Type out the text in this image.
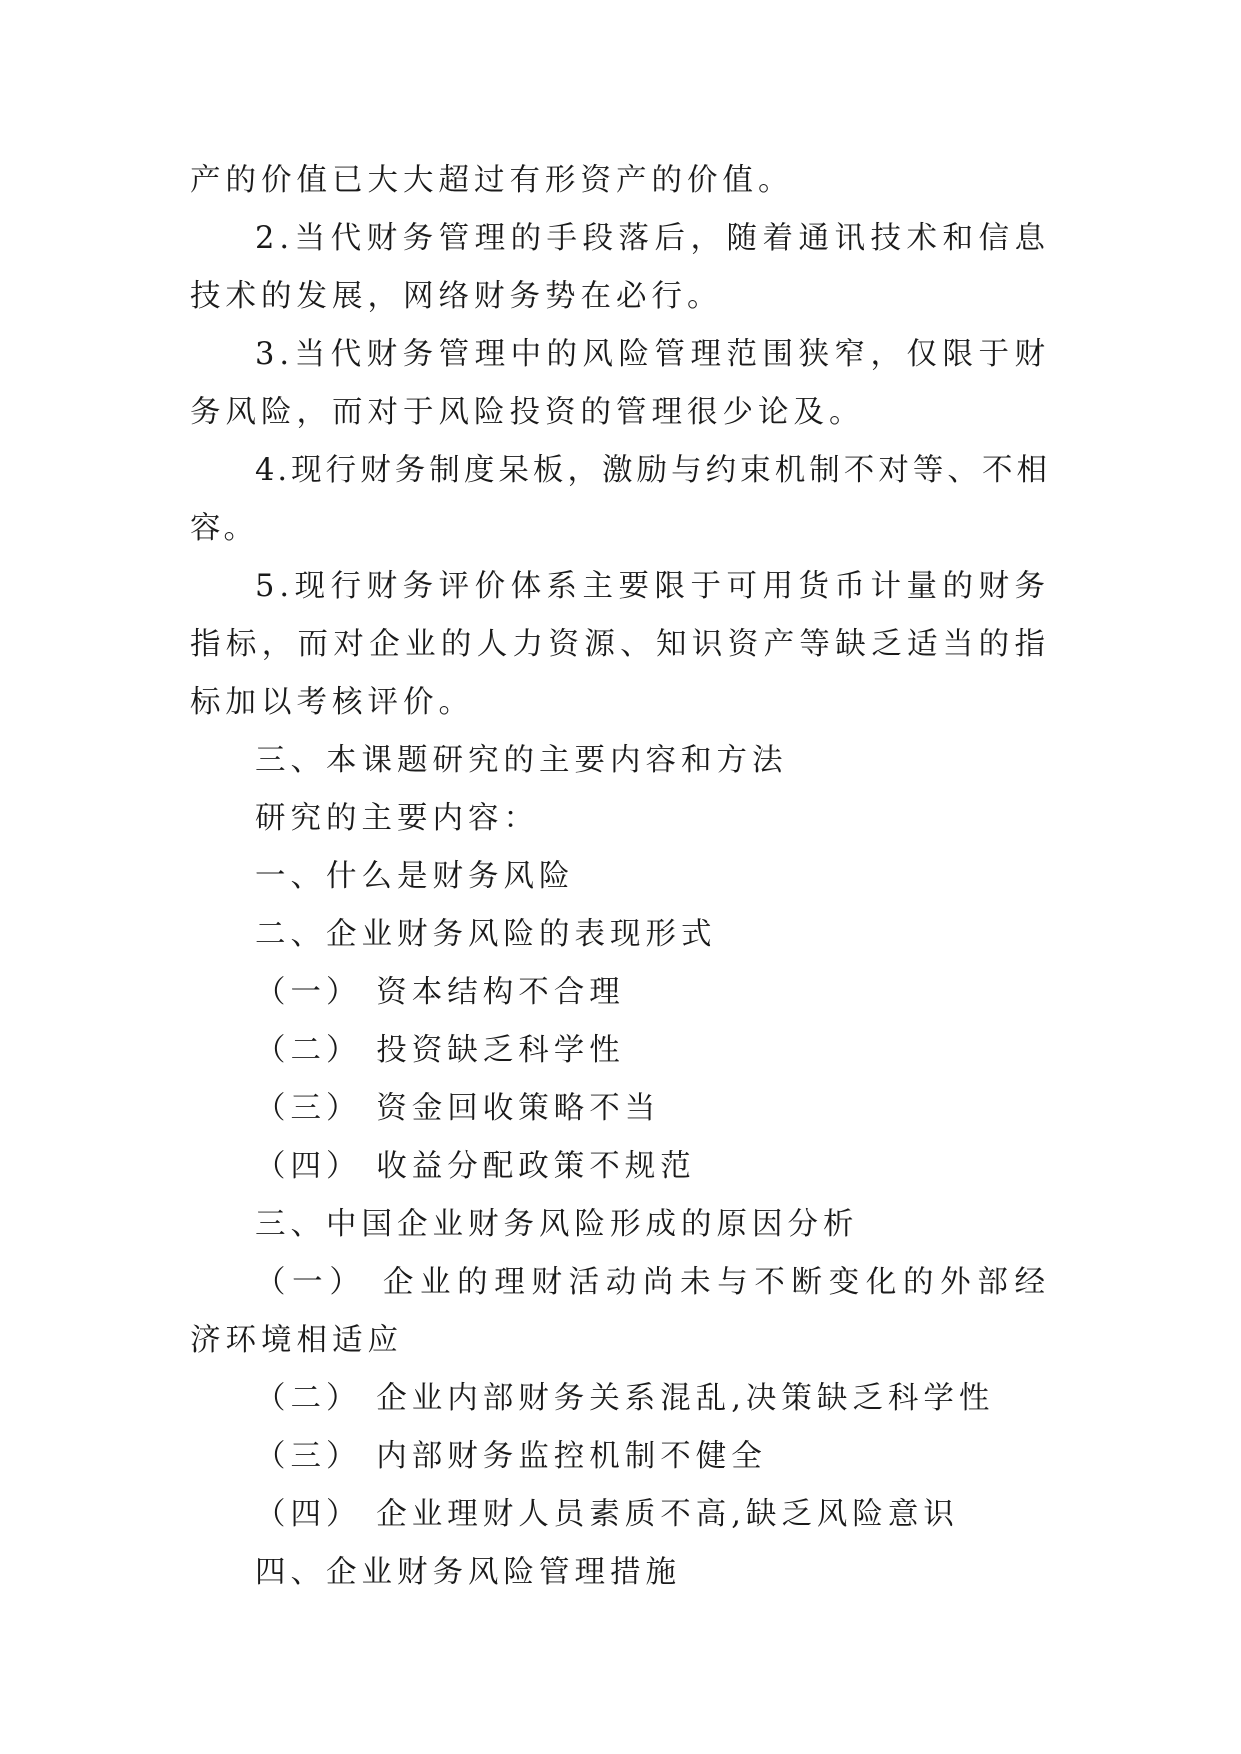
产的价值已大大超过有形资产的价值。

2.当代财务管理的手段落后，随着通讯技术和信息技术的发展，网络财务势在必行。

3.当代财务管理中的风险管理范围狭窄，仅限于财务风险，而对于风险投资的管理很少论及。

4.现行财务制度呆板，激励与约束机制不对等、不相容。

5.现行财务评价体系主要限于可用货币计量的财务指标，而对企业的人力资源、知识资产等缺乏适当的指标加以考核评价。

三、本课题研究的主要内容和方法

研究的主要内容：

一、什么是财务风险

二、企业财务风险的表现形式

（一） 资本结构不合理

（二） 投资缺乏科学性

（三） 资金回收策略不当

（四） 收益分配政策不规范

三、中国企业财务风险形成的原因分析

（一） 企业的理财活动尚未与不断变化的外部经济环境相适应

（二） 企业内部财务关系混乱,决策缺乏科学性

（三） 内部财务监控机制不健全

（四） 企业理财人员素质不高,缺乏风险意识

四、企业财务风险管理措施
